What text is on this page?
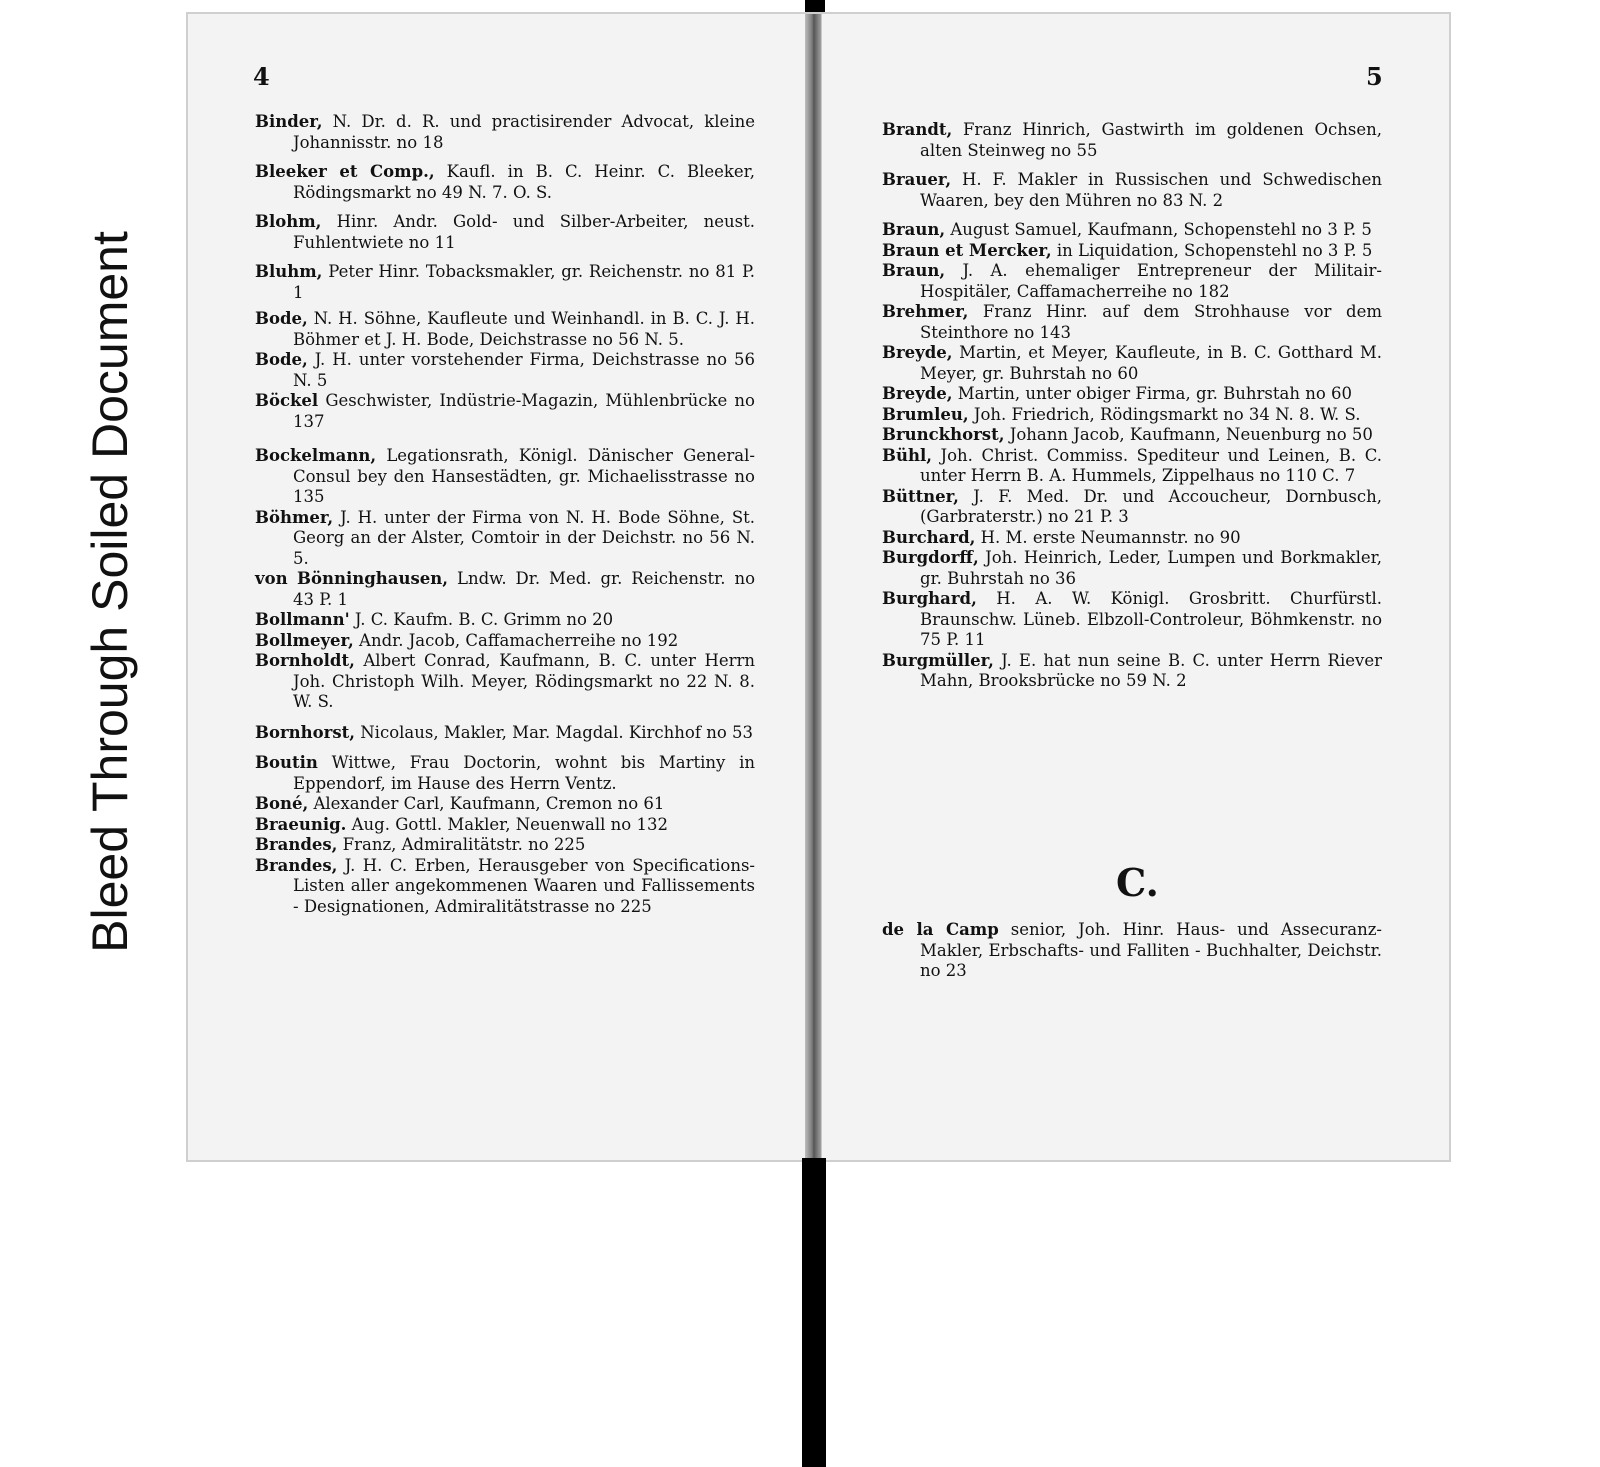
Bleed Through Soiled Document
4	5
Binder, N. Dr. d. R. und practisirender Advocat, kleine Johannisstr. no 18
Bleeker et Comp., Kaufl. in B. C. Heinr. C. Bleeker, Rödingsmarkt no 49 N. 7. O. S.
Blohm, Hinr. Andr. Gold- und Silber-Arbeiter, neust. Fuhlentwiete no 11
Bluhm, Peter Hinr. Tobacksmakler, gr. Reichenstr. no 81 P. 1
Bode, N. H. Söhne, Kaufleute und Weinhandl. in B. C. J. H. Böhmer et J. H. Bode, Deichstrasse no 56 N. 5.
Bode, J. H. unter vorstehender Firma, Deichstrasse no 56 N. 5
Böckel Geschwister, Indüstrie-Magazin, Mühlenbrücke no 137
Bockelmann, Legationsrath, Königl. Dänischer General-Consul bey den Hansestädten, gr. Michaelisstrasse no 135
Böhmer, J. H. unter der Firma von N. H. Bode Söhne, St. Georg an der Alster, Comtoir in der Deichstr. no 56 N. 5.
von Bönninghausen, Lndw. Dr. Med. gr. Reichenstr. no 43 P. 1
Bollmann' J. C. Kaufm. B. C. Grimm no 20
Bollmeyer, Andr. Jacob, Caffamacherreihe no 192
Bornholdt, Albert Conrad, Kaufmann, B. C. unter Herrn Joh. Christoph Wilh. Meyer, Rödingsmarkt no 22 N. 8. W. S.
Bornhorst, Nicolaus, Makler, Mar. Magdal. Kirchhof no 53
Boutin Wittwe, Frau Doctorin, wohnt bis Martiny in Eppendorf, im Hause des Herrn Ventz.
Boné, Alexander Carl, Kaufmann, Cremon no 61
Braeunig. Aug. Gottl. Makler, Neuenwall no 132
Brandes, Franz, Admiralitätstr. no 225
Brandes, J. H. C. Erben, Herausgeber von Specifications-Listen aller angekommenen Waaren und Fallissements - Designationen, Admiralitätstrasse no 225
Brandt, Franz Hinrich, Gastwirth im goldenen Ochsen, alten Steinweg no 55
Brauer, H. F. Makler in Russischen und Schwedischen Waaren, bey den Mühren no 83 N. 2
Braun, August Samuel, Kaufmann, Schopenstehl no 3 P. 5
Braun et Mercker, in Liquidation, Schopenstehl no 3 P. 5
Braun, J. A. ehemaliger Entrepreneur der Militair-Hospitäler, Caffamacherreihe no 182
Brehmer, Franz Hinr. auf dem Strohhause vor dem Steinthore no 143
Breyde, Martin, et Meyer, Kaufleute, in B. C. Gotthard M. Meyer, gr. Buhrstah no 60
Breyde, Martin, unter obiger Firma, gr. Buhrstah no 60
Brumleu, Joh. Friedrich, Rödingsmarkt no 34 N. 8. W. S.
Brunckhorst, Johann Jacob, Kaufmann, Neuenburg no 50
Bühl, Joh. Christ. Commiss. Spediteur und Leinen, B. C. unter Herrn B. A. Hummels, Zippelhaus no 110 C. 7
Büttner, J. F. Med. Dr. und Accoucheur, Dornbusch, (Garbraterstr.) no 21 P. 3
Burchard, H. M. erste Neumannstr. no 90
Burgdorff, Joh. Heinrich, Leder, Lumpen und Borkmakler, gr. Buhrstah no 36
Burghard, H. A. W. Königl. Grosbritt. Churfürstl. Braunschw. Lüneb. Elbzoll-Controleur, Böhmkenstr. no 75 P. 11
Burgmüller, J. E. hat nun seine B. C. unter Herrn Riever Mahn, Brooksbrücke no 59 N. 2
C.
de la Camp senior, Joh. Hinr. Haus- und Assecuranz-Makler, Erbschafts- und Falliten - Buchhalter, Deichstr. no 23
